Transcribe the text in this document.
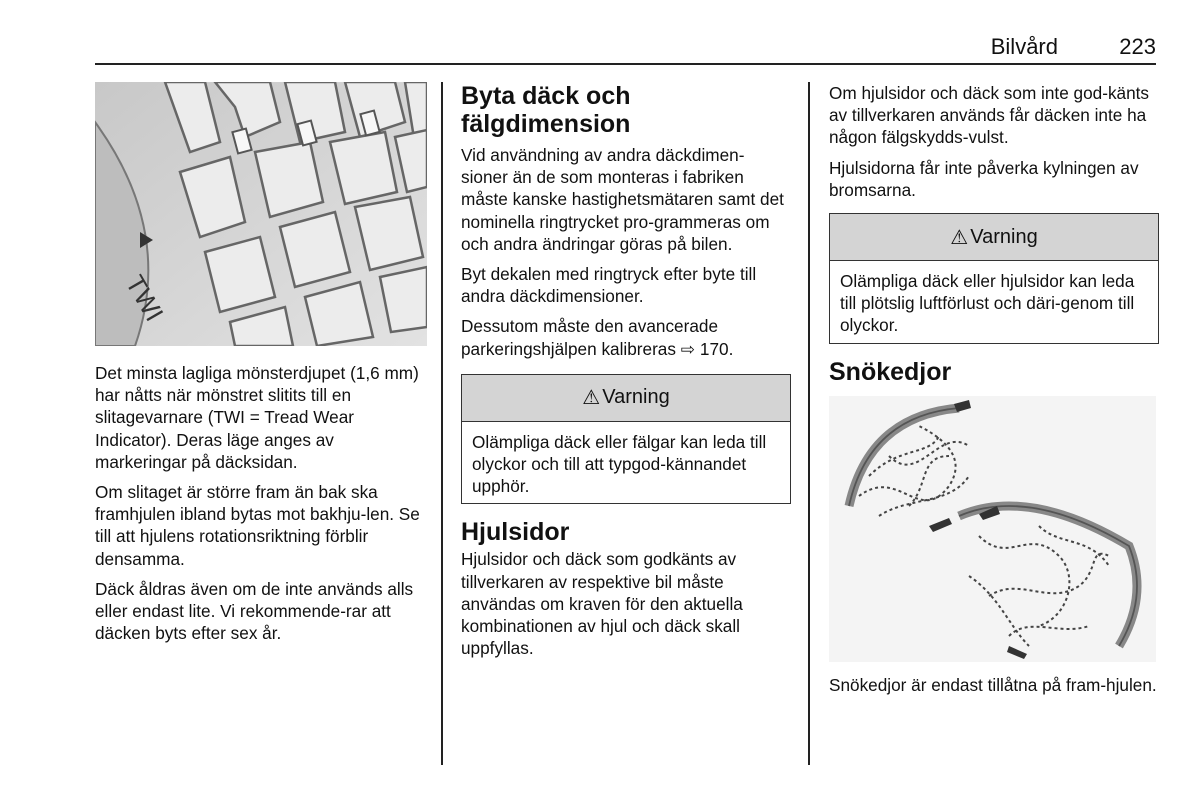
Bilvård	223
TWI

Det minsta lagliga mönsterdjupet (1,6 mm) har nåtts när mönstret slitits till en slitagevarnare (TWI = Tread Wear Indicator). Deras läge anges av markeringar på däcksidan.

Om slitaget är större fram än bak ska framhjulen ibland bytas mot bakhju-len. Se till att hjulens rotationsriktning förblir densamma.

Däck åldras även om de inte används alls eller endast lite. Vi rekommende-rar att däcken byts efter sex år.

Byta däck och fälgdimension

Vid användning av andra däckdimen-sioner än de som monteras i fabriken måste kanske hastighetsmätaren samt det nominella ringtrycket pro-grammeras om och andra ändringar göras på bilen.

Byt dekalen med ringtryck efter byte till andra däckdimensioner.

Dessutom måste den avancerade parkeringshjälpen kalibreras ⇨ 170.

⚠ Varning

Olämpliga däck eller fälgar kan leda till olyckor och till att typgod-kännandet upphör.

Hjulsidor

Hjulsidor och däck som godkänts av tillverkaren av respektive bil måste användas om kraven för den aktuella kombinationen av hjul och däck skall uppfyllas.

Om hjulsidor och däck som inte god-känts av tillverkaren används får däcken inte ha någon fälgskydds-vulst.

Hjulsidorna får inte påverka kylningen av bromsarna.

⚠ Varning

Olämpliga däck eller hjulsidor kan leda till plötslig luftförlust och däri-genom till olyckor.

Snökedjor

Snökedjor är endast tillåtna på fram-hjulen.
